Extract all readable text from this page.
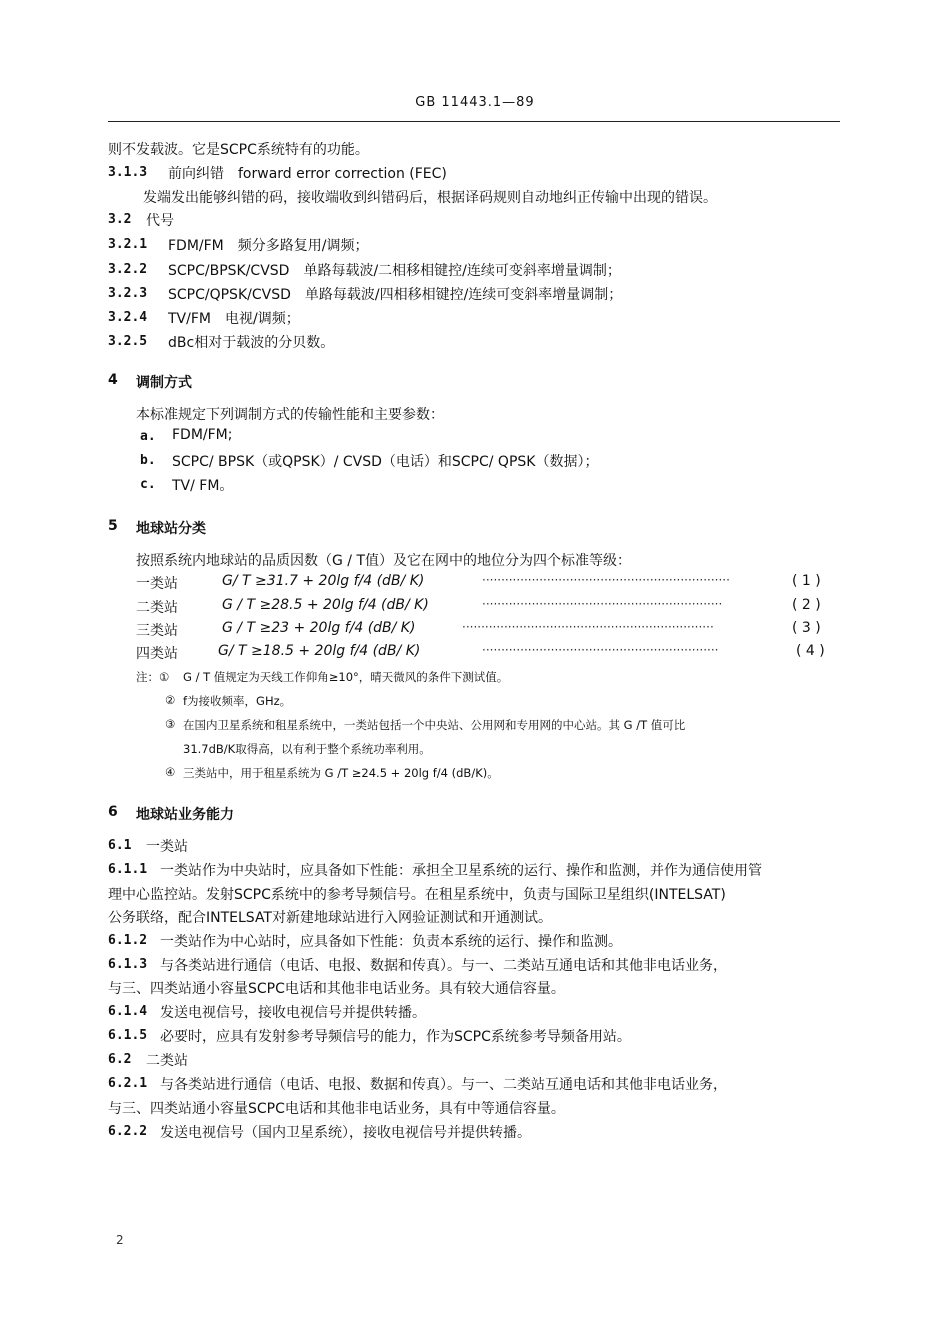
GB 11443.1—89
则不发载波。它是SCPC系统特有的功能。
3.1.3 前向纠错　forward error correction (FEC)
发端发出能够纠错的码，接收端收到纠错码后，根据译码规则自动地纠正传输中出现的错误。
3.2 代号
3.2.1 FDM/FM　频分多路复用/调频；
3.2.2 SCPC/BPSK/CVSD　单路每载波/二相移相键控/连续可变斜率增量调制；
3.2.3 SCPC/QPSK/CVSD　单路每载波/四相移相键控/连续可变斜率增量调制；
3.2.4 TV/FM　电视/调频；
3.2.5 dBc相对于载波的分贝数。
4 调制方式
本标准规定下列调制方式的传输性能和主要参数：
a. FDM/FM;
b. SCPC/ BPSK（或QPSK）/ CVSD（电话）和SCPC/ QPSK（数据）；
c. TV/ FM。
5 地球站分类
按照系统内地球站的品质因数（G / T值）及它在网中的地位分为四个标准等级：
一类站	G/ T ≥31.7 + 20lg f/4 (dB/ K)	·································································	( 1 )
二类站	G / T ≥28.5 + 20lg f/4 (dB/ K)	·······························································	( 2 )
三类站	G / T ≥23 + 20lg f/4 (dB/ K)	··································································	( 3 )
四类站	G/ T ≥18.5 + 20lg f/4 (dB/ K)	······························································	( 4 )
注：① G / T 值规定为天线工作仰角≥10°，晴天微风的条件下测试值。
② f为接收频率，GHz。
③ 在国内卫星系统和租星系统中，一类站包括一个中央站、公用网和专用网的中心站。其 G /T 值可比
31.7dB/K取得高，以有利于整个系统功率利用。
④ 三类站中，用于租星系统为 G /T ≥24.5 + 20lg f/4 (dB/K)。
6 地球站业务能力
6.1 一类站
6.1.1 一类站作为中央站时，应具备如下性能：承担全卫星系统的运行、操作和监测，并作为通信使用管
理中心监控站。发射SCPC系统中的参考导频信号。在租星系统中，负责与国际卫星组织(INTELSAT)
公务联络，配合INTELSAT对新建地球站进行入网验证测试和开通测试。
6.1.2 一类站作为中心站时，应具备如下性能：负责本系统的运行、操作和监测。
6.1.3 与各类站进行通信（电话、电报、数据和传真）。与一、二类站互通电话和其他非电话业务，
与三、四类站通小容量SCPC电话和其他非电话业务。具有较大通信容量。
6.1.4 发送电视信号，接收电视信号并提供转播。
6.1.5 必要时，应具有发射参考导频信号的能力，作为SCPC系统参考导频备用站。
6.2 二类站
6.2.1 与各类站进行通信（电话、电报、数据和传真）。与一、二类站互通电话和其他非电话业务，
与三、四类站通小容量SCPC电话和其他非电话业务，具有中等通信容量。
6.2.2 发送电视信号（国内卫星系统），接收电视信号并提供转播。
2
